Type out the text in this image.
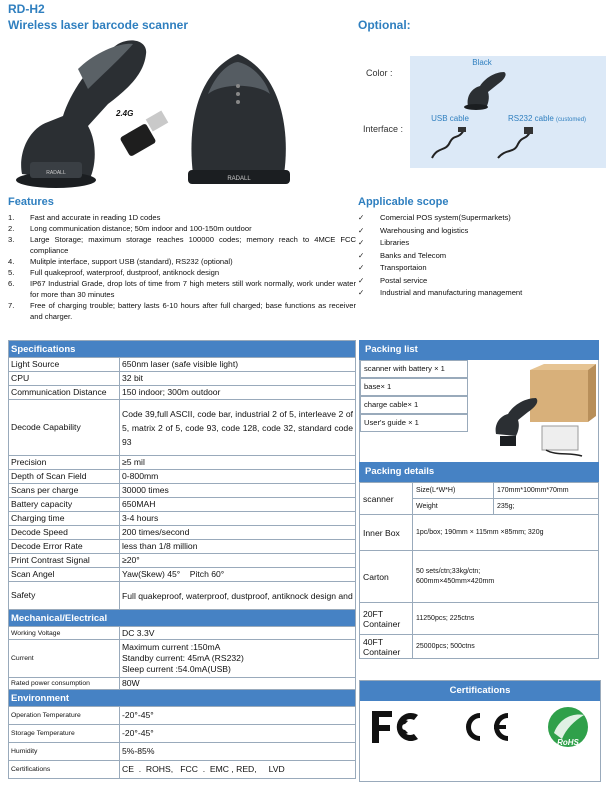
RD-H2
Wireless laser barcode scanner	Optional:
RADALL
2.4G
RADALL
Color :
Interface :
Black
USB cable	RS232 cable (customed)
Features	Applicable scope
1.	Fast and accurate in reading 1D codes
2.	Long communication distance; 50m indoor and 100-150m outdoor
3.	Large Storage; maximum storage reaches 100000 codes; memory reach to 4MCE FCC compliance
4.	Mulitple interface, support USB (standard), RS232 (optional)
5.	Full quakeproof, waterproof, dustproof, antiknock design
6.	IP67 Industrial Grade, drop lots of time from 7 high meters still work normally, work under water for more than 30 minutes
7.	Free of charging trouble; battery lasts 6-10 hours after full charged; base functions as receiver and charger.
✓	Comercial POS system(Supermarkets)
✓	Warehousing and logistics
✓	Libraries
✓	Banks and Telecom
✓	Transportaion
✓	Postal service
✓	Industrial and manufacturing management
Specifications	
Light Source	650nm laser (safe visible light)
CPU	32 bit
Communication Distance	150 indoor; 300m outdoor
Decode Capability	Code 39,full ASCII, code bar, industrial 2 of 5, interleave 2 of 5, matrix 2 of 5, code 93, code 128, code 32, standard code 93
Precision	≥5 mil
Depth of Scan Field	0-800mm
Scans per charge	30000 times
Battery capacity	650MAH
Charging time	3-4 hours
Decode Speed	200 times/second
Decode Error Rate	less than 1/8 million
Print Contrast Signal	≥20°
Scan Angel	Yaw(Skew) 45°    Pitch 60°
Safety	Full quakeproof, waterproof, dustproof, antiknock design and
Mechanical/Electrical	
Working Voltage	DC 3.3V
Current	Maximum current :150mA
Standby current: 45mA (RS232)
Sleep current :54.0mA(USB)

Rated power consumption	80W
Environment	
Operation Temperature	-20°-45°
Storage Temperature	-20°-45°
Humidity	5%-85%
Certifications	CE  .  ROHS,   FCC  .  EMC , RED,     LVD
Packing list
scanner with battery × 1
base× 1
charge cable× 1
User's guide × 1
Packing details
scanner	Size(L*W*H)	170mm*100mm*70mm
	Weight	235g;
Inner Box	1pc/box; 190mm × 115mm ×85mm; 320g	
Carton	50 sets/ctn;33kg/ctn;
600mm×450mm×420mm	

20FT Container	11250pcs; 225ctns	
40FT Container	25000pcs; 500ctns	
Certifications
RoHS
